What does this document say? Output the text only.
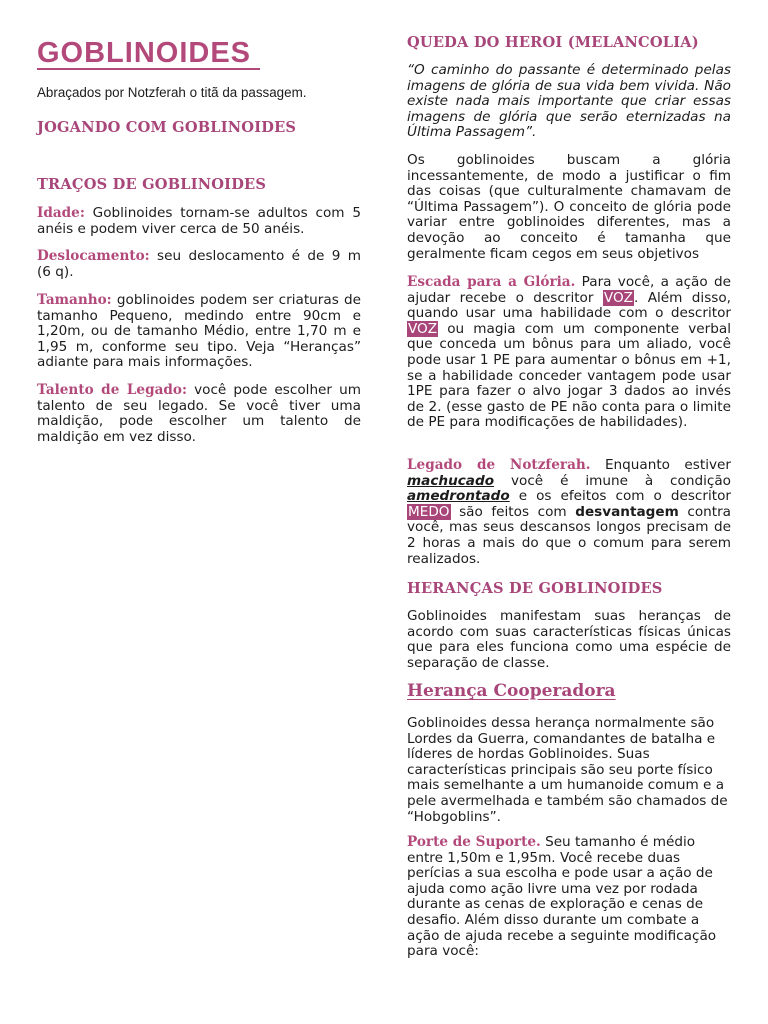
GOBLINOIDES
Abraçados por Notzferah o titã da passagem.
JOGANDO COM GOBLINOIDES
TRAÇOS DE GOBLINOIDES

Idade: Goblinoides tornam-se adultos com 5 anéis e podem viver cerca de 50 anéis.

Deslocamento: seu deslocamento é de 9 m (6 q).

Tamanho: goblinoides podem ser criaturas de tamanho Pequeno, medindo entre 90cm e 1,20m, ou de tamanho Médio, entre 1,70 m e 1,95 m, conforme seu tipo. Veja “Heranças” adiante para mais informações.

Talento de Legado: você pode escolher um talento de seu legado. Se você tiver uma maldição, pode escolher um talento de maldição em vez disso.

QUEDA DO HEROI (MELANCOLIA)

“O caminho do passante é determinado pelas imagens de glória de sua vida bem vivida. Não existe nada mais importante que criar essas imagens de glória que serão eternizadas na Última Passagem”.

Os goblinoides buscam a glória incessantemente, de modo a justificar o fim das coisas (que culturalmente chamavam de “Última Passagem”). O conceito de glória pode variar entre goblinoides diferentes, mas a devoção ao conceito é tamanha que geralmente ficam cegos em seus objetivos

Escada para a Glória. Para você, a ação de ajudar recebe o descritor VOZ. Além disso, quando usar uma habilidade com o descritor VOZ ou magia com um componente verbal que conceda um bônus para um aliado, você pode usar 1 PE para aumentar o bônus em +1, se a habilidade conceder vantagem pode usar 1PE para fazer o alvo jogar 3 dados ao invés de 2. (esse gasto de PE não conta para o limite de PE para modificações de habilidades).

Legado de Notzferah. Enquanto estiver machucado você é imune à condição amedrontado e os efeitos com o descritor MEDO são feitos com desvantagem contra você, mas seus descansos longos precisam de 2 horas a mais do que o comum para serem realizados.

HERANÇAS DE GOBLINOIDES

Goblinoides manifestam suas heranças de acordo com suas características físicas únicas que para eles funciona como uma espécie de separação de classe.

Herança Cooperadora

Goblinoides dessa herança normalmente são Lordes da Guerra, comandantes de batalha e líderes de hordas Goblinoides. Suas características principais são seu porte físico mais semelhante a um humanoide comum e a pele avermelhada e também são chamados de “Hobgoblins”.

Porte de Suporte. Seu tamanho é médio entre 1,50m e 1,95m. Você recebe duas perícias a sua escolha e pode usar a ação de ajuda como ação livre uma vez por rodada durante as cenas de exploração e cenas de desafio. Além disso durante um combate a ação de ajuda recebe a seguinte modificação para você:
